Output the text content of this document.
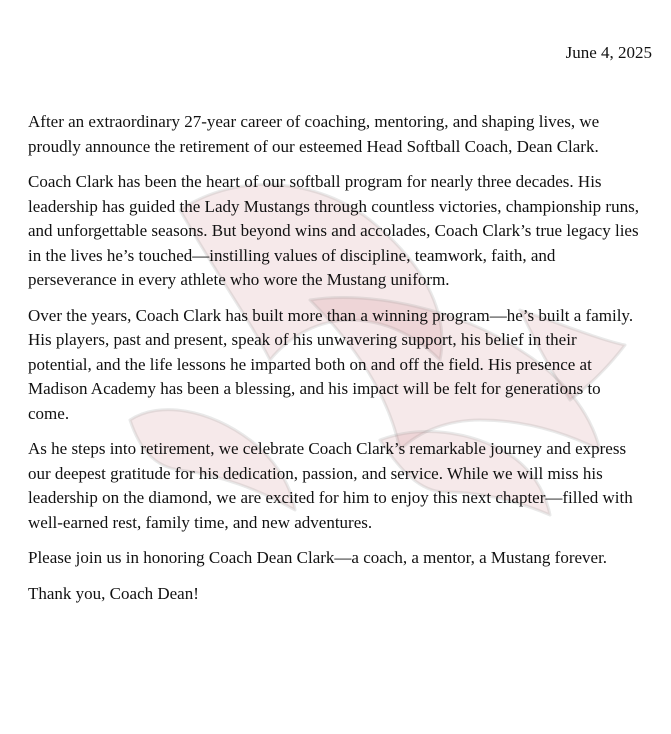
June 4, 2025

After an extraordinary 27-year career of coaching, mentoring, and shaping lives, we proudly announce the retirement of our esteemed Head Softball Coach, Dean Clark.

Coach Clark has been the heart of our softball program for nearly three decades. His leadership has guided the Lady Mustangs through countless victories, championship runs, and unforgettable seasons. But beyond wins and accolades, Coach Clark’s true legacy lies in the lives he’s touched—instilling values of discipline, teamwork, faith, and perseverance in every athlete who wore the Mustang uniform.

Over the years, Coach Clark has built more than a winning program—he’s built a family. His players, past and present, speak of his unwavering support, his belief in their potential, and the life lessons he imparted both on and off the field. His presence at Madison Academy has been a blessing, and his impact will be felt for generations to come.

As he steps into retirement, we celebrate Coach Clark’s remarkable journey and express our deepest gratitude for his dedication, passion, and service. While we will miss his leadership on the diamond, we are excited for him to enjoy this next chapter—filled with well-earned rest, family time, and new adventures.

Please join us in honoring Coach Dean Clark—a coach, a mentor, a Mustang forever.

Thank you, Coach Dean!
